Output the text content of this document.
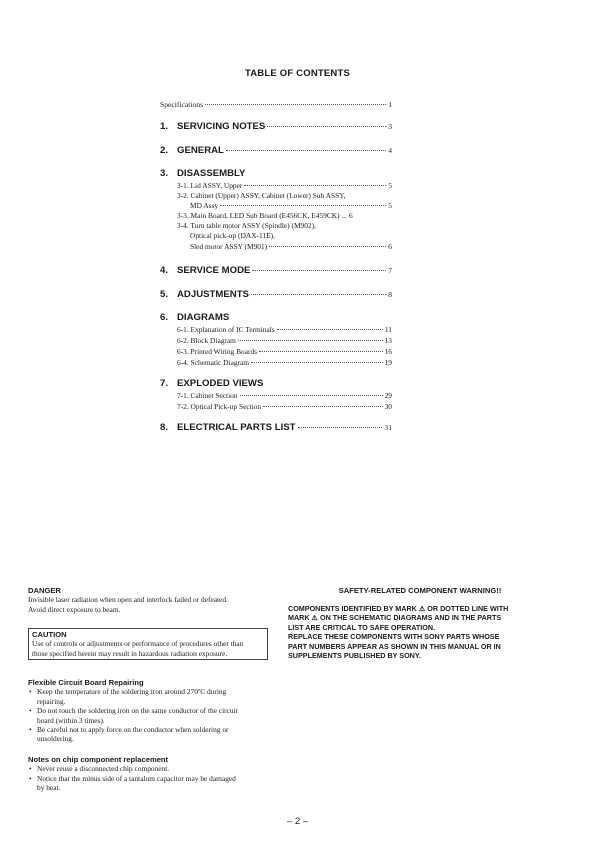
TABLE OF CONTENTS
Specifications	1
1. SERVICING NOTES	3
2. GENERAL	4
3. DISASSEMBLY
3-1. Lid ASSY, Upper	5
3-2. Cabinet (Upper) ASSY, Cabinet (Lower) Sub ASSY,
MD Assy	5
3-3. Main Board, LED Sub Board (E456CK, E459CK) ... 6
3-4. Turn table motor ASSY (Spindle) (M902),
Optical pick-up (DAX-11E),
Sled motor ASSY (M901)	6
4. SERVICE MODE	7
5. ADJUSTMENTS	8
6. DIAGRAMS
6-1. Explanation of IC Terminals	11
6-2. Block Diagram	13
6-3. Printed Wiring Boards	16
6-4. Schematic Diagram	19
7. EXPLODED VIEWS
7-1. Cabinet Section	29
7-2. Optical Pick-up Section	30
8. ELECTRICAL PARTS LIST	31
DANGER

Invisible laser radiation when open and interlock failed or defeated.

Avoid direct exposure to beam.

CAUTION
Use of controls or adjustments or performance of procedures other than
those specified herein may result in hazardous radiation exposure.
Flexible Circuit Board Repairing
• Keep the temperature of the soldering iron around 270ºC during
repairing.
• Do not touch the soldering iron on the same conductor of the circuit
board (within 3 times).
• Be careful not to apply force on the conductor when soldering or
unsoldering.
Notes on chip component replacement
• Never reuse a disconnected chip component.
• Notice that the minus side of a tantalum capacitor may be damaged
by heat.
SAFETY-RELATED COMPONENT WARNING!!
COMPONENTS IDENTIFIED BY MARK ⚠ OR DOTTED LINE WITH
MARK ⚠ ON THE SCHEMATIC DIAGRAMS AND IN THE PARTS
LIST ARE CRITICAL TO SAFE OPERATION.
REPLACE THESE COMPONENTS WITH SONY PARTS WHOSE
PART NUMBERS APPEAR AS SHOWN IN THIS MANUAL OR IN
SUPPLEMENTS PUBLISHED BY SONY.
– 2 –
